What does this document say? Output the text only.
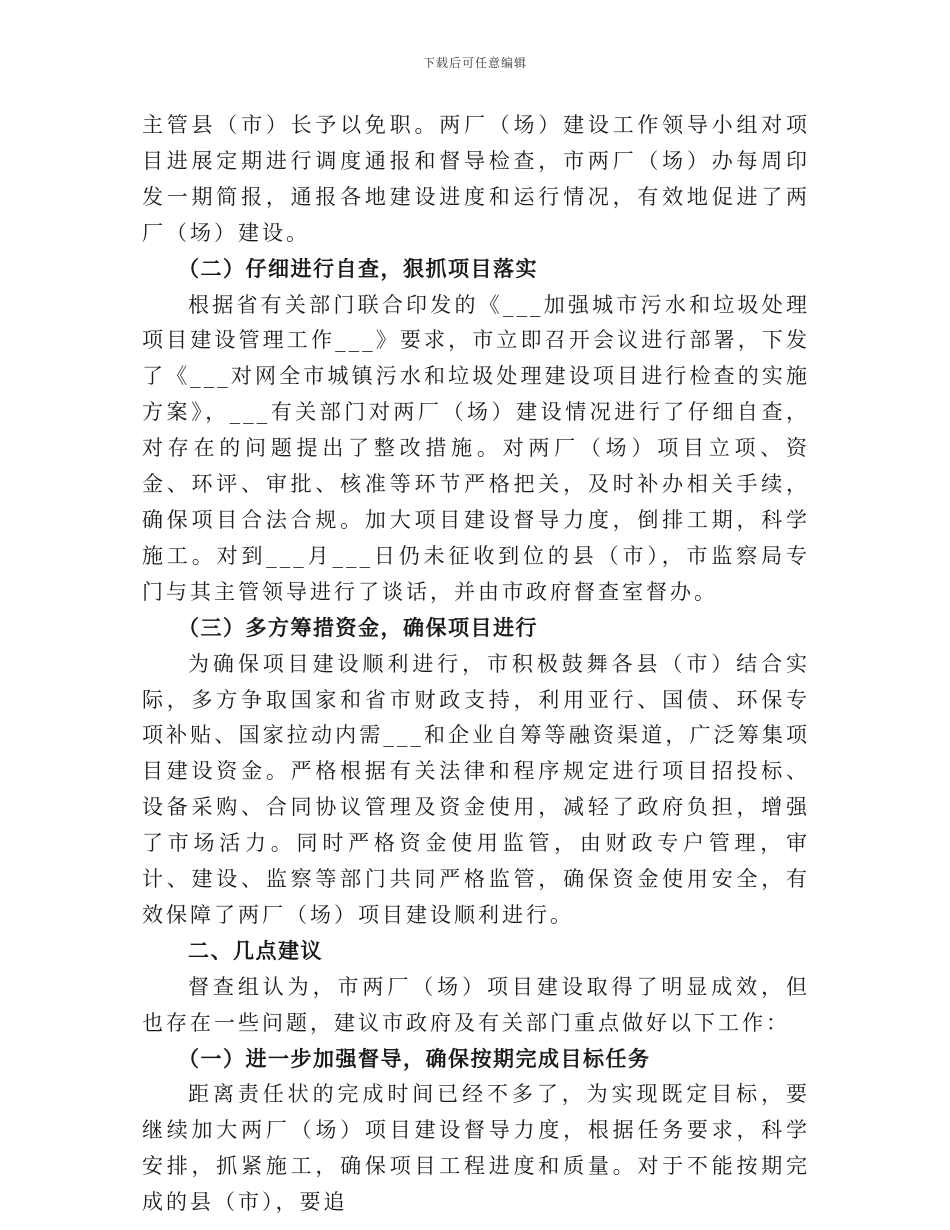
下载后可任意编辑

主管县（市）长予以免职。两厂（场）建设工作领导小组对项目进展定期进行调度通报和督导检查，市两厂（场）办每周印发一期简报，通报各地建设进度和运行情况，有效地促进了两厂（场）建设。

（二）仔细进行自查，狠抓项目落实

根据省有关部门联合印发的《___加强城市污水和垃圾处理项目建设管理工作___》要求，市立即召开会议进行部署，下发了《___对网全市城镇污水和垃圾处理建设项目进行检查的实施方案》，___有关部门对两厂（场）建设情况进行了仔细自查，对存在的问题提出了整改措施。对两厂（场）项目立项、资金、环评、审批、核准等环节严格把关，及时补办相关手续，确保项目合法合规。加大项目建设督导力度，倒排工期，科学施工。对到___月___日仍未征收到位的县（市），市监察局专门与其主管领导进行了谈话，并由市政府督查室督办。

（三）多方筹措资金，确保项目进行

为确保项目建设顺利进行，市积极鼓舞各县（市）结合实际，多方争取国家和省市财政支持，利用亚行、国债、环保专项补贴、国家拉动内需___和企业自筹等融资渠道，广泛筹集项目建设资金。严格根据有关法律和程序规定进行项目招投标、设备采购、合同协议管理及资金使用，减轻了政府负担，增强了市场活力。同时严格资金使用监管，由财政专户管理，审计、建设、监察等部门共同严格监管，确保资金使用安全，有效保障了两厂（场）项目建设顺利进行。

二、几点建议

督查组认为，市两厂（场）项目建设取得了明显成效，但也存在一些问题，建议市政府及有关部门重点做好以下工作：

（一）进一步加强督导，确保按期完成目标任务

距离责任状的完成时间已经不多了，为实现既定目标，要继续加大两厂（场）项目建设督导力度，根据任务要求，科学安排，抓紧施工，确保项目工程进度和质量。对于不能按期完成的县（市），要追
